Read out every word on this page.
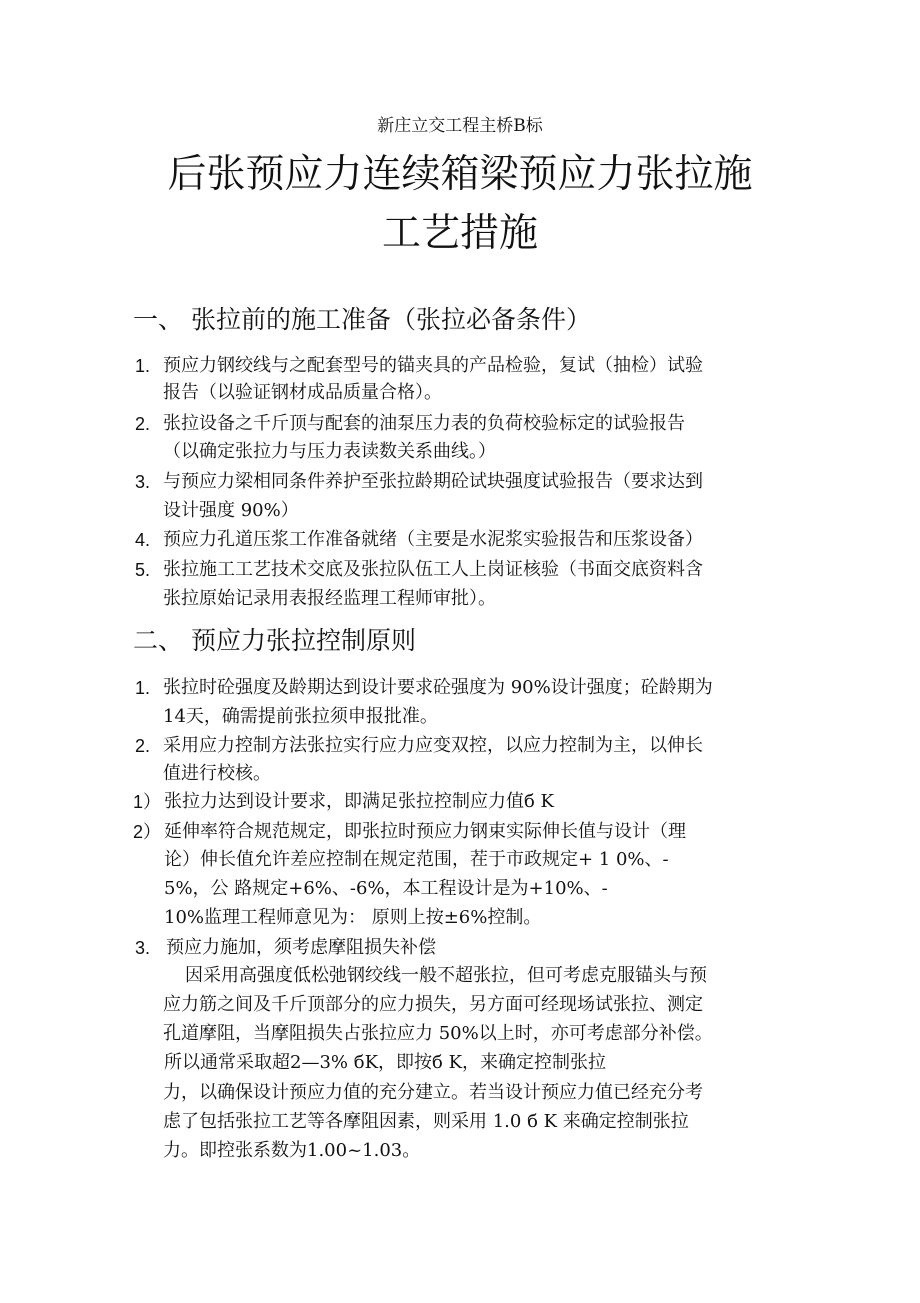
新庄立交工程主桥B标
后张预应力连续箱梁预应力张拉施
工艺措施
一、 张拉前的施工准备（张拉必备条件）
1. 预应力钢绞线与之配套型号的锚夹具的产品检验，复试（抽检）试验
报告（以验证钢材成品质量合格）。
2. 张拉设备之千斤顶与配套的油泵压力表的负荷校验标定的试验报告
（以确定张拉力与压力表读数关系曲线。）
3. 与预应力梁相同条件养护至张拉龄期砼试块强度试验报告（要求达到
设计强度 90%）
4. 预应力孔道压浆工作准备就绪（主要是水泥浆实验报告和压浆设备）
5. 张拉施工工艺技术交底及张拉队伍工人上岗证核验（书面交底资料含
张拉原始记录用表报经监理工程师审批）。
二、 预应力张拉控制原则
1. 张拉时砼强度及龄期达到设计要求砼强度为 90%设计强度；砼龄期为
14天，确需提前张拉须申报批准。
2. 采用应力控制方法张拉实行应力应变双控，以应力控制为主，以伸长
值进行校核。
1） 张拉力达到设计要求，即满足张拉控制应力值б K
2） 延伸率符合规范规定，即张拉时预应力钢束实际伸长值与设计（理
论）伸长值允许差应控制在规定范围，茬于市政规定+ 1 0%、-
5%，公 路规定+6%、-6%，本工程设计是为+10%、-
10%监理工程师意见为： 原则上按±6%控制。
3. 预应力施加，须考虑摩阻损失补偿
因采用高强度低松弛钢绞线一般不超张拉，但可考虑克服锚头与预
应力筋之间及千斤顶部分的应力损失，另方面可经现场试张拉、测定
孔道摩阻，当摩阻损失占张拉应力 50%以上时，亦可考虑部分补偿。
所以通常采取超2—3% бK，即按б K，来确定控制张拉
力，以确保设计预应力值的充分建立。若当设计预应力值已经充分考
虑了包括张拉工艺等各摩阻因素，则采用 1.0 б K 来确定控制张拉
力。即控张系数为1.00~1.03。
